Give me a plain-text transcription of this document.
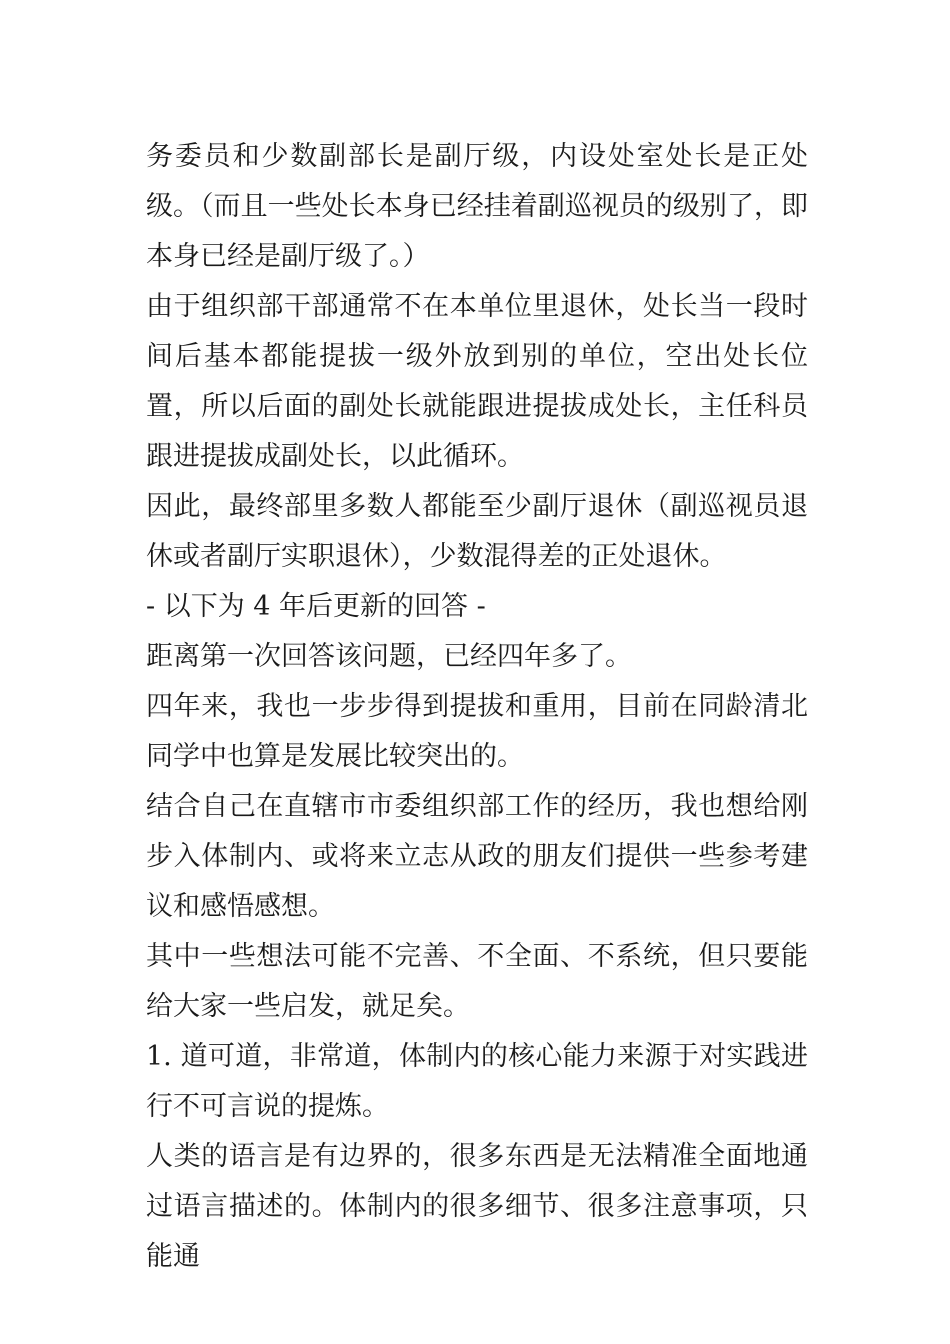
务委员和少数副部长是副厅级，内设处室处长是正处级。（而且一些处长本身已经挂着副巡视员的级别了，即本身已经是副厅级了。）

由于组织部干部通常不在本单位里退休，处长当一段时间后基本都能提拔一级外放到别的单位，空出处长位置，所以后面的副处长就能跟进提拔成处长，主任科员跟进提拔成副处长，以此循环。

因此，最终部里多数人都能至少副厅退休（副巡视员退休或者副厅实职退休），少数混得差的正处退休。

- 以下为 4 年后更新的回答 -

距离第一次回答该问题，已经四年多了。

四年来，我也一步步得到提拔和重用，目前在同龄清北同学中也算是发展比较突出的。

结合自己在直辖市市委组织部工作的经历，我也想给刚步入体制内、或将来立志从政的朋友们提供一些参考建议和感悟感想。

其中一些想法可能不完善、不全面、不系统，但只要能给大家一些启发，就足矣。

1. 道可道，非常道，体制内的核心能力来源于对实践进行不可言说的提炼。

人类的语言是有边界的，很多东西是无法精准全面地通过语言描述的。体制内的很多细节、很多注意事项，只能通
